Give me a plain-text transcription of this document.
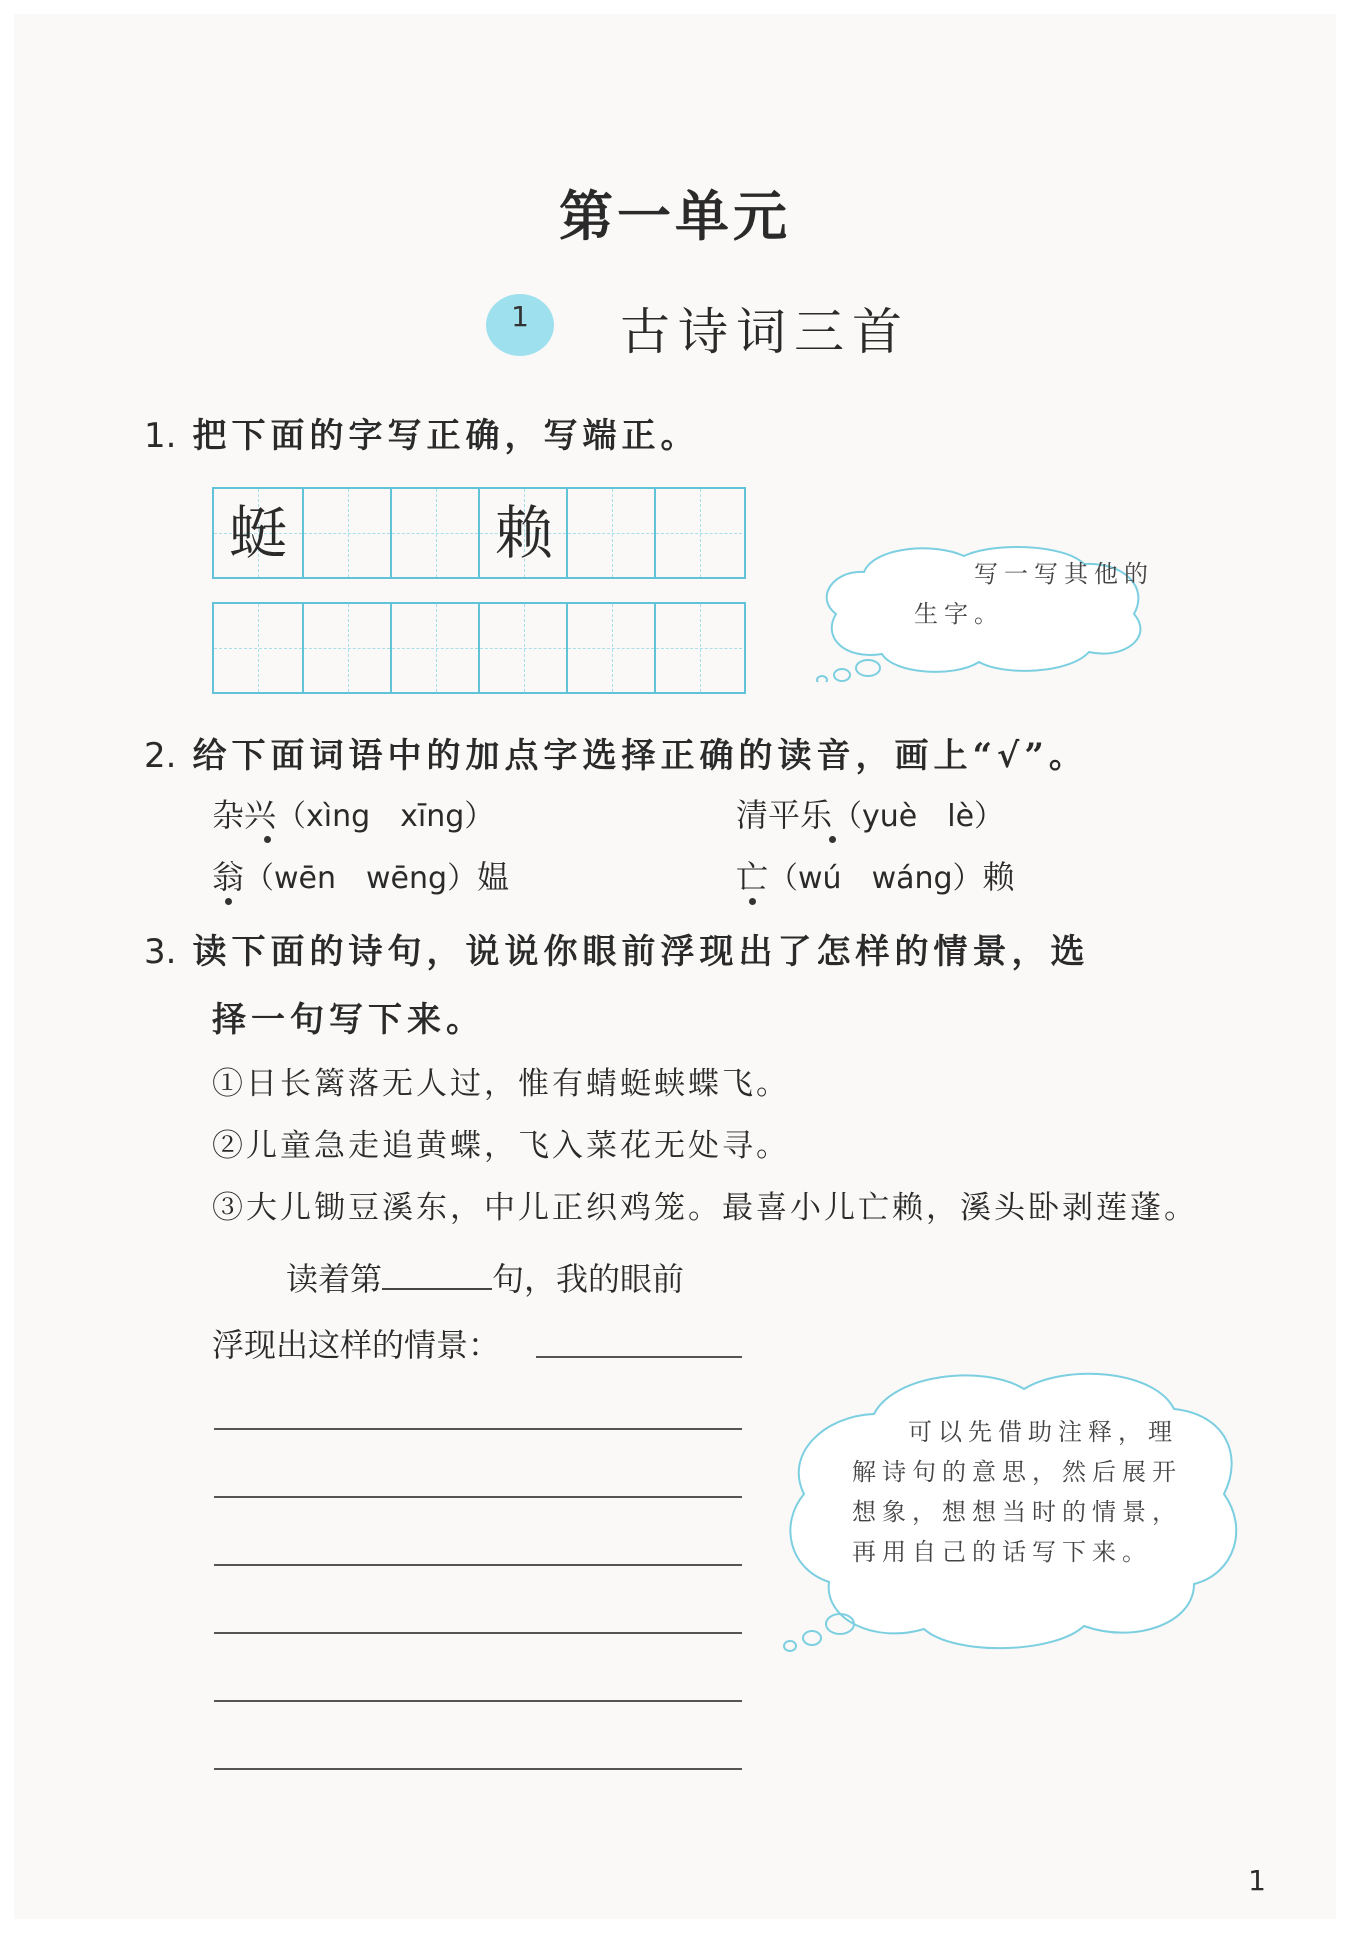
第一单元
1	古诗词三首
1. 把下面的字写正确，写端正。
蜓	赖
写一写其他的生字。
2. 给下面词语中的加点字选择正确的读音，画上“√”。
杂兴（xìng　xīng）	清平乐（yuè　lè）
翁（wēn　wēng）媪	亡（wú　wáng）赖
3. 读下面的诗句，说说你眼前浮现出了怎样的情景，选
择一句写下来。
①日长篱落无人过，惟有蜻蜓蛱蝶飞。
②儿童急走追黄蝶，飞入菜花无处寻。
③大儿锄豆溪东，中儿正织鸡笼。最喜小儿亡赖，溪头卧剥莲蓬。
读着第	句，我的眼前
浮现出这样的情景：
可以先借助注释，理解诗句的意思，然后展开想象，想想当时的情景，再用自己的话写下来。
1
